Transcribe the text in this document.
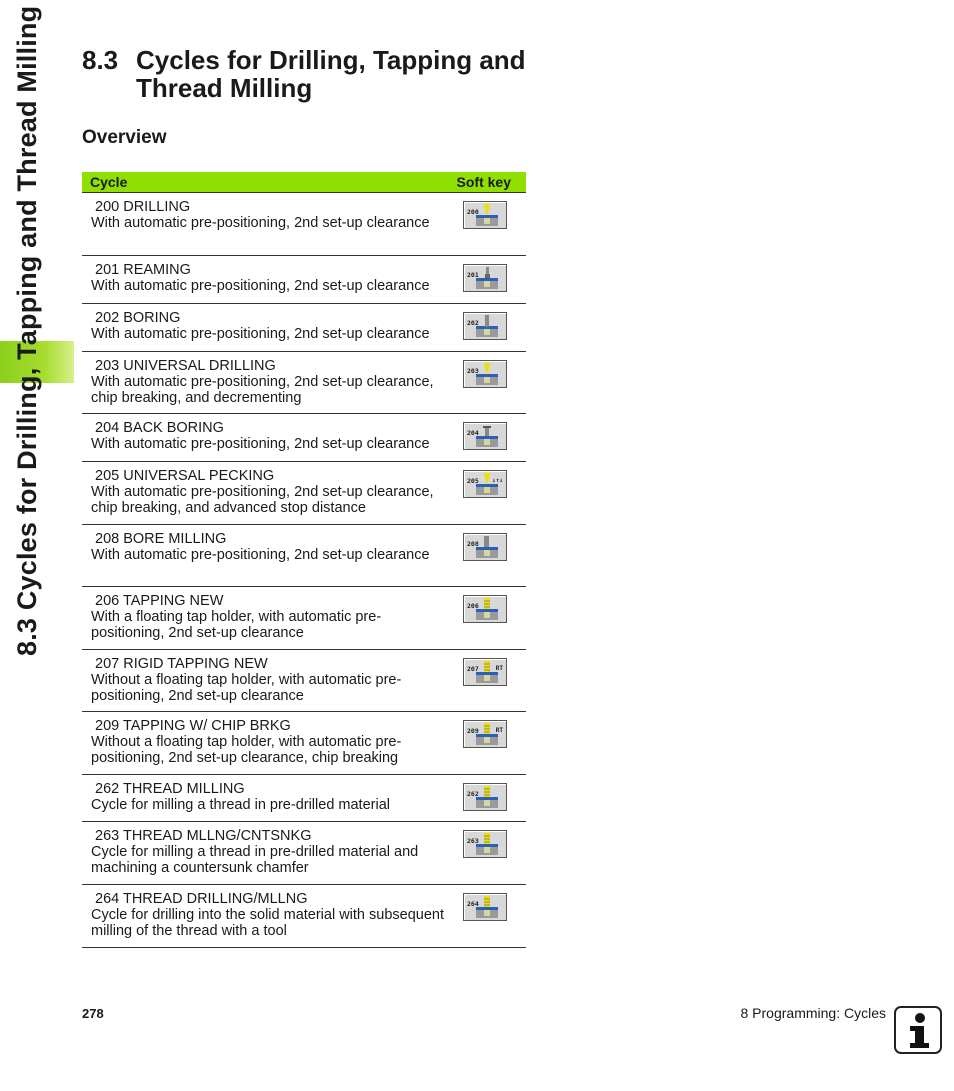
8.3 Cycles for Drilling, Tapping and Thread Milling 8.3 Cycles for Drilling, Tapping and
Thread Milling
Overview
Cycle	Soft key

200 DRILLING
With automatic pre-positioning, 2nd set-up clearance	200

201 REAMING
With automatic pre-positioning, 2nd set-up clearance	201

202 BORING
With automatic pre-positioning, 2nd set-up clearance	202

203 UNIVERSAL DRILLING
With automatic pre-positioning, 2nd set-up clearance, chip breaking, and decrementing	203

204 BACK BORING
With automatic pre-positioning, 2nd set-up clearance	204

205 UNIVERSAL PECKING
With automatic pre-positioning, 2nd set-up clearance, chip breaking, and advanced stop distance	205 ↓↑↓

208 BORE MILLING
With automatic pre-positioning, 2nd set-up clearance	208

206 TAPPING NEW
With a floating tap holder, with automatic pre-positioning, 2nd set-up clearance	206

207 RIGID TAPPING NEW
Without a floating tap holder, with automatic pre-positioning, 2nd set-up clearance	207 RT

209 TAPPING W/ CHIP BRKG
Without a floating tap holder, with automatic pre-positioning, 2nd set-up clearance, chip breaking	209 RT

262 THREAD MILLING
Cycle for milling a thread in pre-drilled material	262

263 THREAD MLLNG/CNTSNKG
Cycle for milling a thread in pre-drilled material and machining a countersunk chamfer	263

264 THREAD DRILLING/MLLNG
Cycle for drilling into the solid material with subsequent milling of the thread with a tool	264
278	8 Programming: Cycles
